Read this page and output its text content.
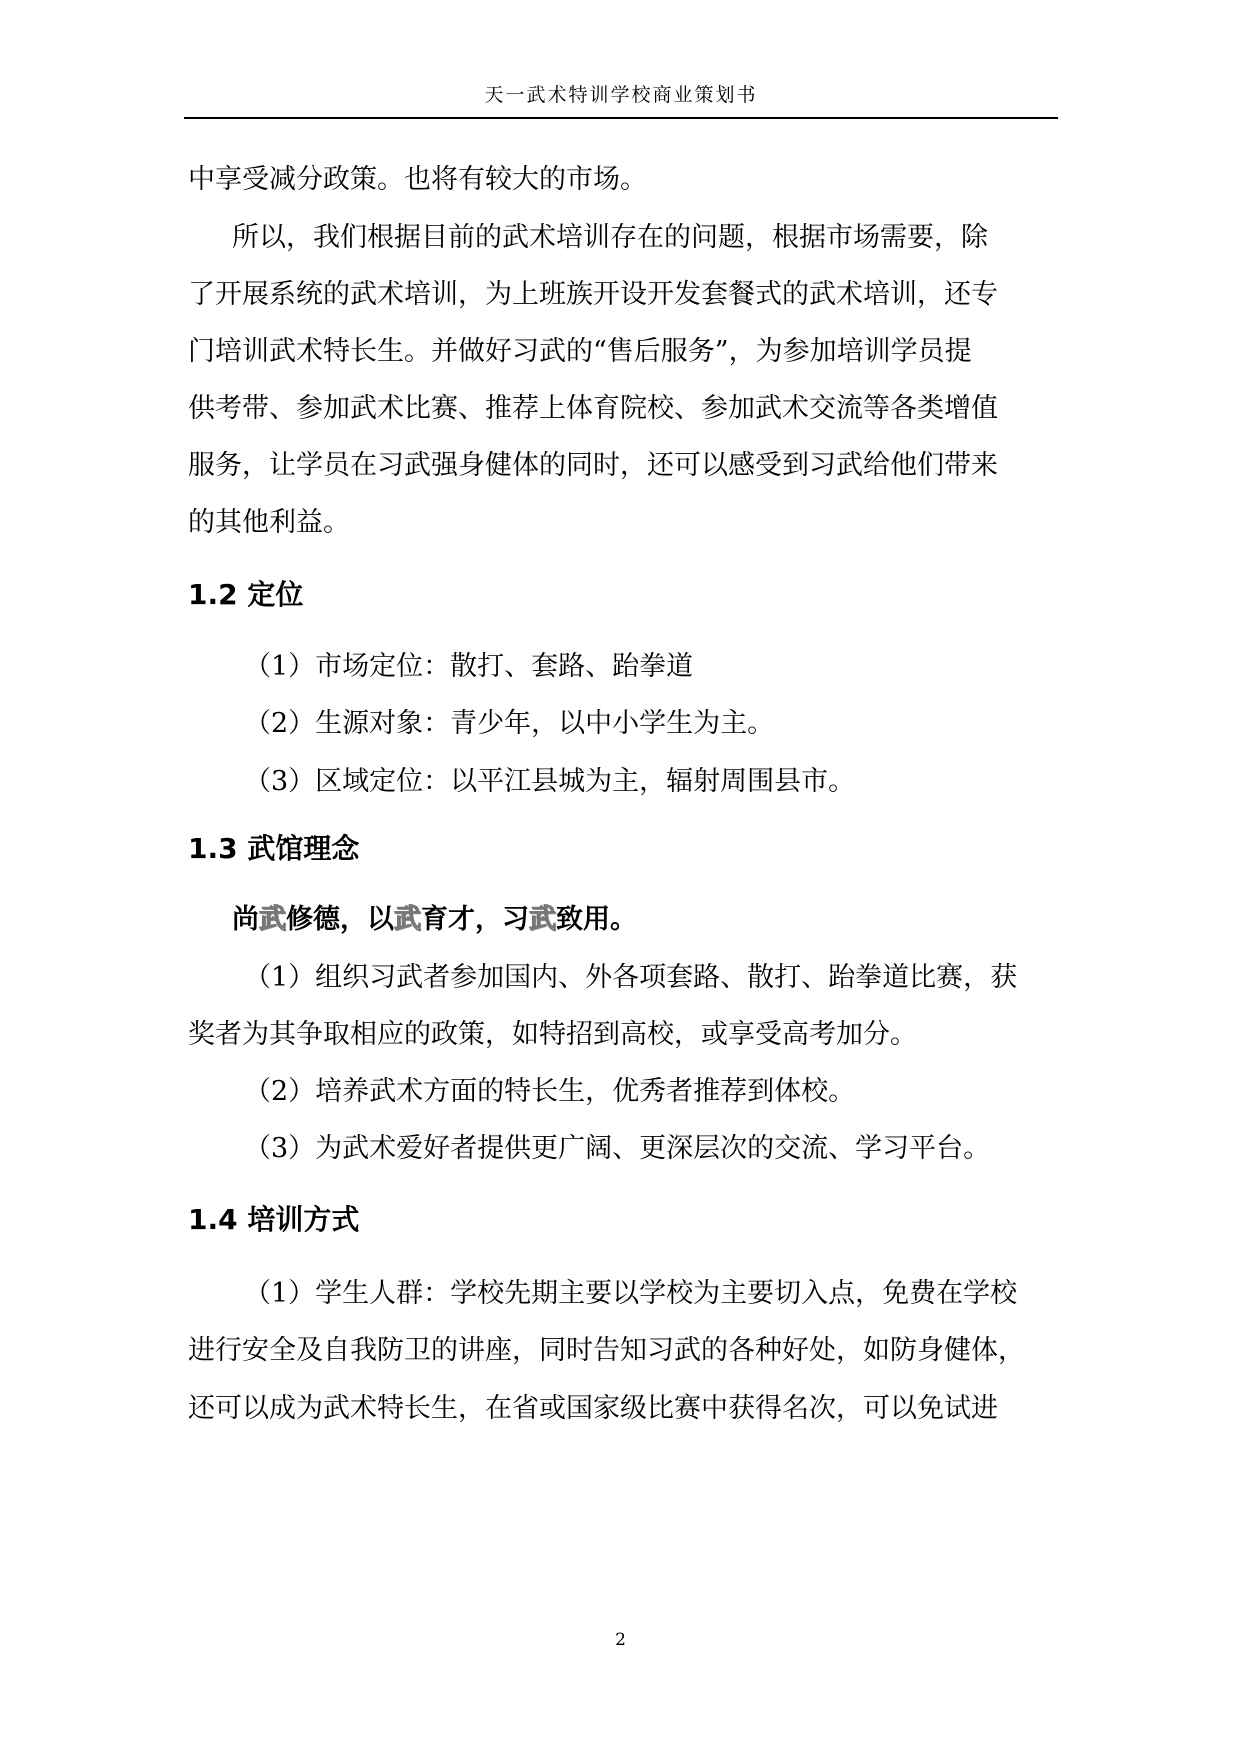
天一武术特训学校商业策划书
中享受减分政策。也将有较大的市场。
所以，我们根据目前的武术培训存在的问题，根据市场需要，除
了开展系统的武术培训，为上班族开设开发套餐式的武术培训，还专
门培训武术特长生。并做好习武的“售后服务”，为参加培训学员提
供考带、参加武术比赛、推荐上体育院校、参加武术交流等各类增值
服务，让学员在习武强身健体的同时，还可以感受到习武给他们带来
的其他利益。
1.2 定位
（1）市场定位：散打、套路、跆拳道
（2）生源对象：青少年，以中小学生为主。
（3）区域定位：以平江县城为主，辐射周围县市。
1.3 武馆理念
尚武修德，以武育才，习武致用。
（1）组织习武者参加国内、外各项套路、散打、跆拳道比赛，获
奖者为其争取相应的政策，如特招到高校，或享受高考加分。
（2）培养武术方面的特长生，优秀者推荐到体校。
（3）为武术爱好者提供更广阔、更深层次的交流、学习平台。
1.4 培训方式
（1）学生人群：学校先期主要以学校为主要切入点，免费在学校
进行安全及自我防卫的讲座，同时告知习武的各种好处，如防身健体，
还可以成为武术特长生，在省或国家级比赛中获得名次，可以免试进
2
